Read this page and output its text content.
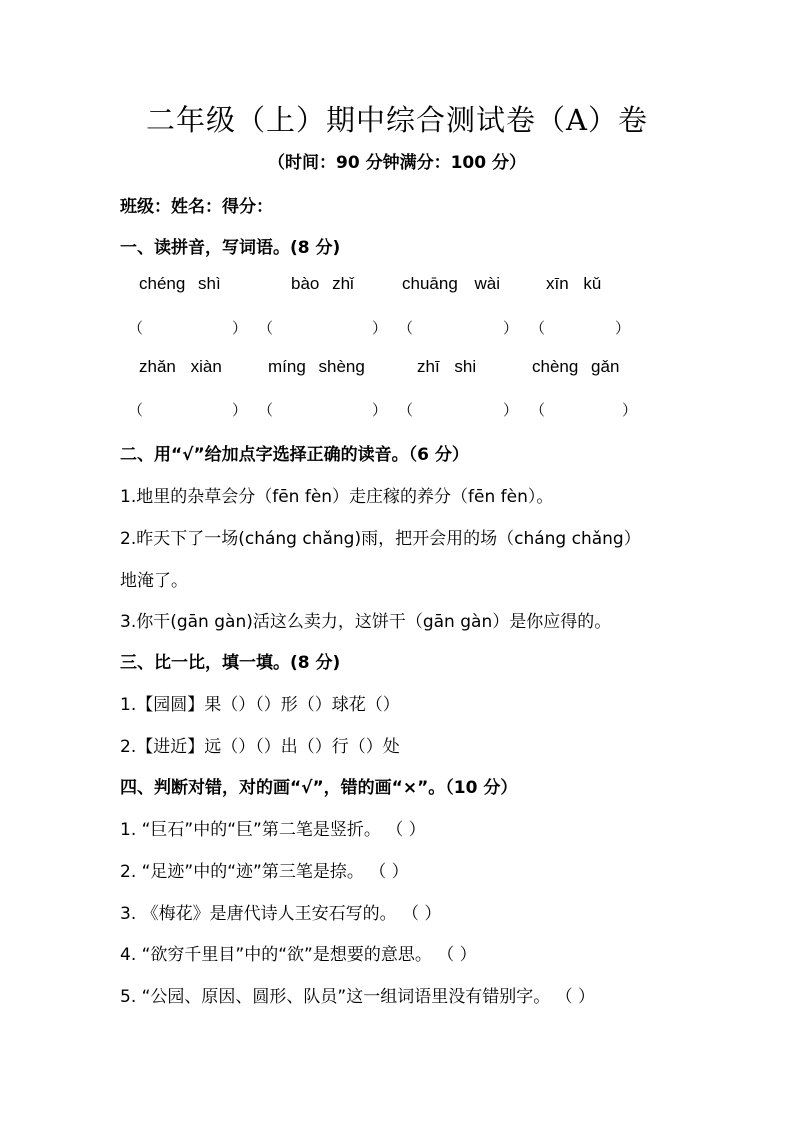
二年级（上）期中综合测试卷（A）卷
（时间：90 分钟满分：100 分）
班级：姓名：得分：
一、读拼音，写词语。(8 分)
chéng shì	bào zhǐ	chuāng wài	xīn kǔ
（	） （	） （	） （	）
zhǎn xiàn	míng shèng	zhī shi	chèng gǎn
（	） （	） （	） （	）
二、用“√”给加点字选择正确的读音。（6 分）
1.地里的杂草会分（fēn fèn）走庄稼的养分（fēn fèn）。
2.昨天下了一场(cháng chǎng)雨，把开会用的场（cháng chǎng）
地淹了。
3.你干(gān gàn)活这么卖力，这饼干（gān gàn）是你应得的。
三、比一比，填一填。(8 分)
1.【园圆】果（）（）形（）球花（）
2.【进近】远（）（）出（）行（）处
四、判断对错，对的画“√”，错的画“×”。（10 分）
1. “巨石”中的“巨”第二笔是竖折。 （ ）
2. “足迹”中的“迹”第三笔是捺。 （ ）
3. 《梅花》是唐代诗人王安石写的。 （ ）
4. “欲穷千里目”中的“欲”是想要的意思。 （ ）
5. “公园、原因、圆形、队员”这一组词语里没有错别字。 （ ）
